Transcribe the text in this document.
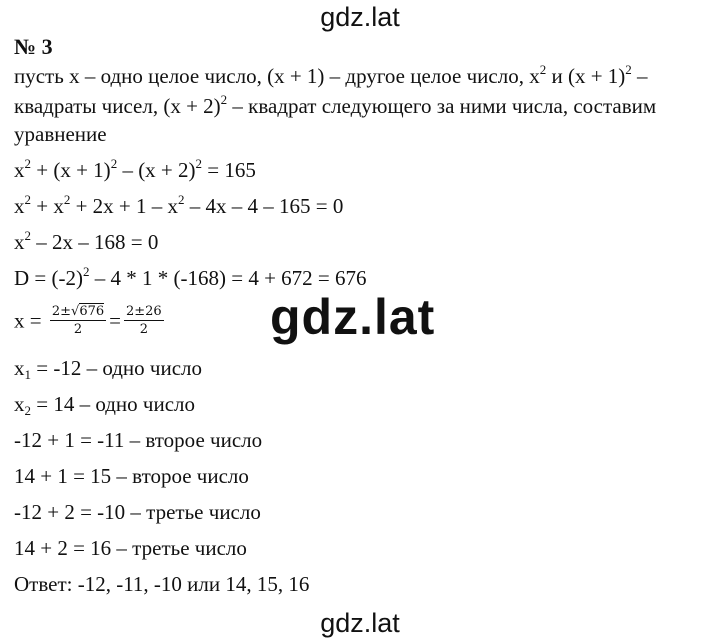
gdz.lat
№ 3
пусть x – одно целое число, (x + 1) – другое целое число, $x^2$ и $(x + 1)^2$ –
квадраты чисел, $(x + 2)^2$ – квадрат следующего за ними числа, составим
уравнение
$x^2 + (x + 1)^2 - (x + 2)^2 = 165$
$x^2 + x^2 + 2x + 1 - x^2 - 4x - 4 - 165 = 0$
$x^2 - 2x - 168 = 0$
$D = (-2)^2 - 4 * 1 * (-168) = 4 + 672 = 676$
$x = \frac{2\pm√676}{2} = \frac{2\pm 26}{2} gdz.lat$
$x_1 = -12$ – одно число
$x_2 = 14$ – одно число
-12 + 1 = -11 – второе число
14 + 1 = 15 – второе число
-12 + 2 = -10 – третье число
14 + 2 = 16 – третье число
Ответ: -12, -11, -10 или 14, 15, 16
gdz.lat
